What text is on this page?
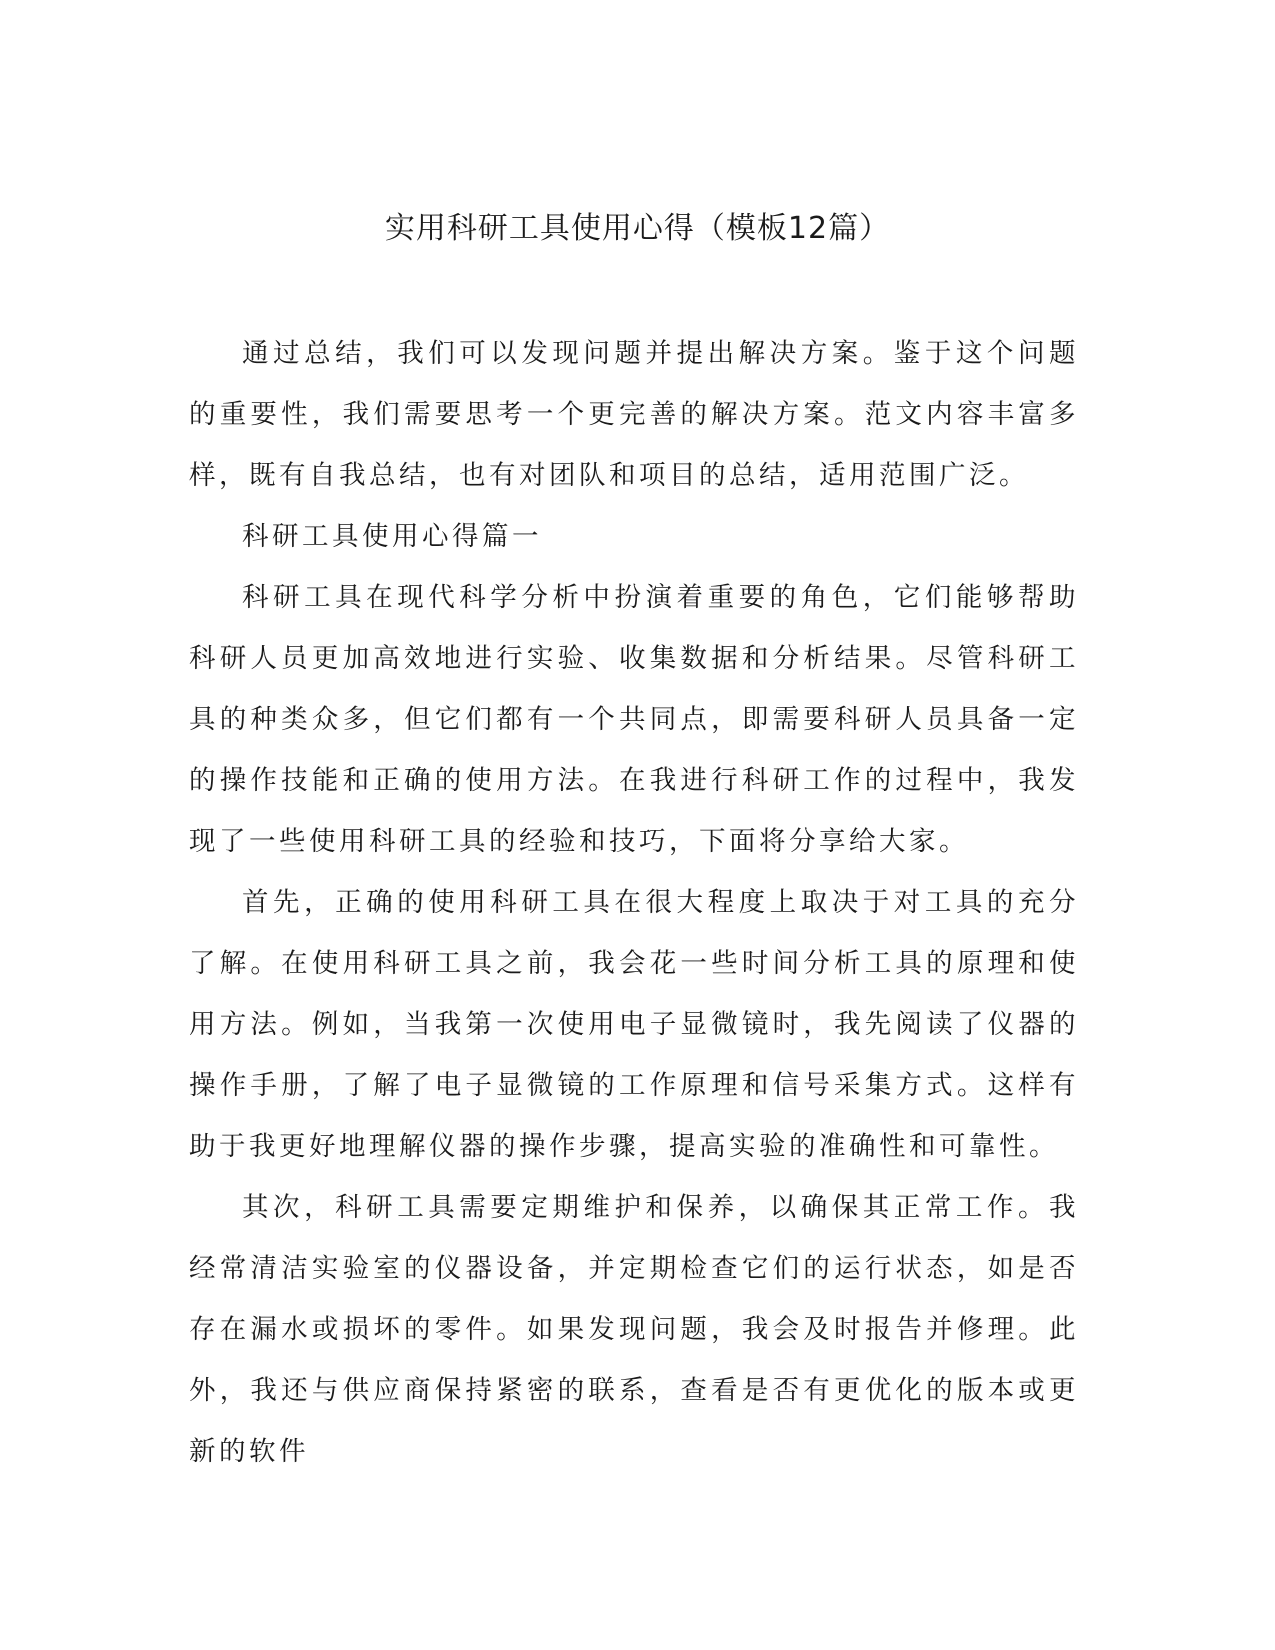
实用科研工具使用心得（模板12篇）

通过总结，我们可以发现问题并提出解决方案。鉴于这个问题的重要性，我们需要思考一个更完善的解决方案。范文内容丰富多样，既有自我总结，也有对团队和项目的总结，适用范围广泛。

科研工具使用心得篇一

科研工具在现代科学分析中扮演着重要的角色，它们能够帮助科研人员更加高效地进行实验、收集数据和分析结果。尽管科研工具的种类众多，但它们都有一个共同点，即需要科研人员具备一定的操作技能和正确的使用方法。在我进行科研工作的过程中，我发现了一些使用科研工具的经验和技巧，下面将分享给大家。

首先，正确的使用科研工具在很大程度上取决于对工具的充分了解。在使用科研工具之前，我会花一些时间分析工具的原理和使用方法。例如，当我第一次使用电子显微镜时，我先阅读了仪器的操作手册，了解了电子显微镜的工作原理和信号采集方式。这样有助于我更好地理解仪器的操作步骤，提高实验的准确性和可靠性。

其次，科研工具需要定期维护和保养，以确保其正常工作。我经常清洁实验室的仪器设备，并定期检查它们的运行状态，如是否存在漏水或损坏的零件。如果发现问题，我会及时报告并修理。此外，我还与供应商保持紧密的联系，查看是否有更优化的版本或更新的软件
